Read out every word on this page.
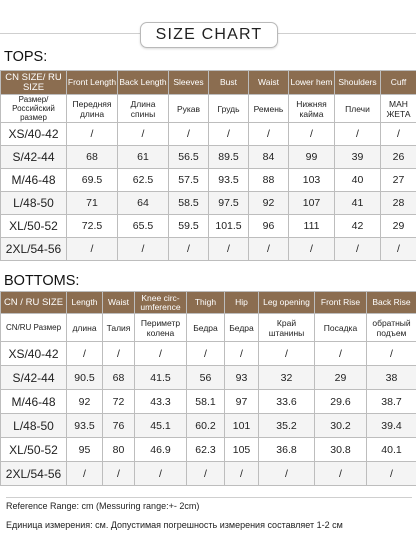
SIZE CHART
TOPS:
CN SIZE/ RU SIZE	Front Length	Back Length	Sleeves	Bust	Waist	Lower hem	Shoulders	Cuff
Размер/ Российский размер	Передняя длина	Длина спины	Рукав	Грудь	Ремень	Нижняя кайма	Плечи	МАН ЖЕТА
XS/40-42	/	/	/	/	/	/	/	/
S/42-44	68	61	56.5	89.5	84	99	39	26
M/46-48	69.5	62.5	57.5	93.5	88	103	40	27
L/48-50	71	64	58.5	97.5	92	107	41	28
XL/50-52	72.5	65.5	59.5	101.5	96	111	42	29
2XL/54-56	/	/	/	/	/	/	/	/
BOTTOMS:
CN / RU SIZE	Length	Waist	Knee circ- umference	Thigh	Hip	Leg opening	Front Rise	Back Rise
CN/RU Размер	длина	Талия	Периметр колена	Бедра	Бедра	Край штанины	Посадка	обратный подъем
XS/40-42	/	/	/	/	/	/	/	/
S/42-44	90.5	68	41.5	56	93	32	29	38
M/46-48	92	72	43.3	58.1	97	33.6	29.6	38.7
L/48-50	93.5	76	45.1	60.2	101	35.2	30.2	39.4
XL/50-52	95	80	46.9	62.3	105	36.8	30.8	40.1
2XL/54-56	/	/	/	/	/	/	/	/
Reference Range: cm (Messuring range:+- 2cm)
Единица измерения: см. Допустимая погрешность измерения составляет 1-2 см
